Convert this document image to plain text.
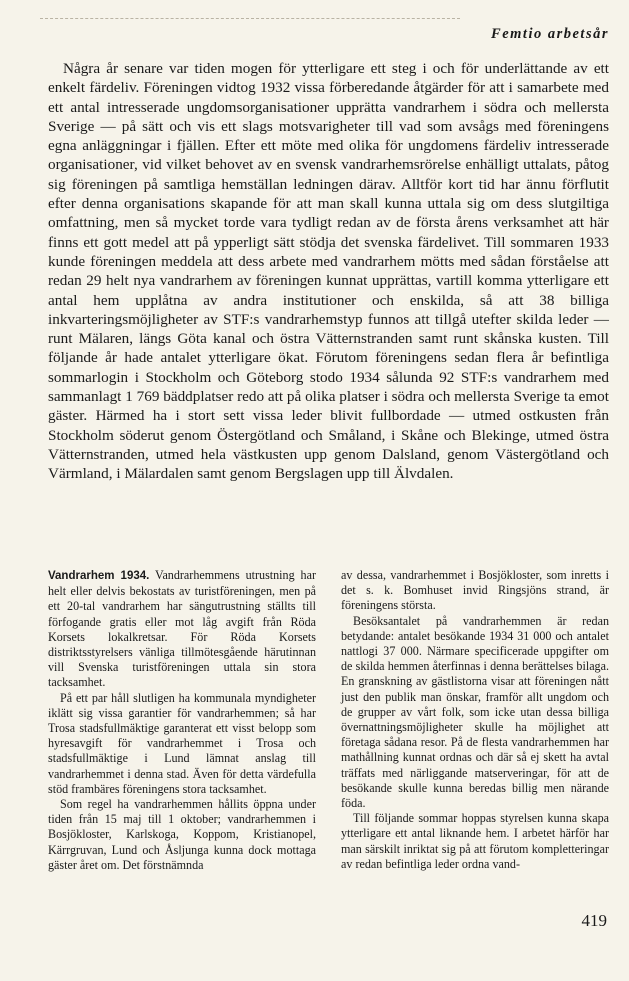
Femtio arbetsår

Några år senare var tiden mogen för ytterligare ett steg i och för underlättande av ett enkelt färdeliv. Föreningen vidtog 1932 vissa förberedande åtgärder för att i samarbete med ett antal intresserade ungdomsorganisationer upprätta vandrarhem i södra och mellersta Sverige — på sätt och vis ett slags motsvarigheter till vad som avsågs med föreningens egna anläggningar i fjällen. Efter ett möte med olika för ungdomens färdeliv intresserade organisationer, vid vilket behovet av en svensk vandrarhemsrörelse enhälligt uttalats, påtog sig föreningen på samtliga hemställan ledningen därav. Alltför kort tid har ännu förflutit efter denna organisations skapande för att man skall kunna uttala sig om dess slutgiltiga omfattning, men så mycket torde vara tydligt redan av de första årens verksamhet att här finns ett gott medel att på ypperligt sätt stödja det svenska färdelivet. Till sommaren 1933 kunde föreningen meddela att dess arbete med vandrarhem mötts med sådan förståelse att redan 29 helt nya vandrarhem av föreningen kunnat upprättas, vartill komma ytterligare ett antal hem upplåtna av andra institutioner och enskilda, så att 38 billiga inkvarteringsmöjligheter av STF:s vandrarhemstyp funnos att tillgå utefter skilda leder — runt Mälaren, längs Göta kanal och östra Vätternstranden samt runt skånska kusten. Till följande år hade antalet ytterligare ökat. Förutom föreningens sedan flera år befintliga sommarlogin i Stockholm och Göteborg stodo 1934 sålunda 92 STF:s vandrarhem med sammanlagt 1 769 bäddplatser redo att på olika platser i södra och mellersta Sverige ta emot gäster. Härmed ha i stort sett vissa leder blivit fullbordade — utmed ostkusten från Stockholm söderut genom Östergötland och Småland, i Skåne och Blekinge, utmed östra Vätternstranden, utmed hela västkusten upp genom Dalsland, genom Västergötland och Värmland, i Mälardalen samt genom Bergslagen upp till Älvdalen.

Vandrarhem 1934. Vandrarhemmens utrustning har helt eller delvis bekostats av turistföreningen, men på ett 20-tal vandrarhem har sängutrustning ställts till förfogande gratis eller mot låg avgift från Röda Korsets lokalkretsar. För Röda Korsets distriktsstyrelsers vänliga tillmötesgående härutinnan vill Svenska turistföreningen uttala sin stora tacksamhet.

På ett par håll slutligen ha kommunala myndigheter iklätt sig vissa garantier för vandrarhemmen; så har Trosa stadsfullmäktige garanterat ett visst belopp som hyresavgift för vandrarhemmet i Trosa och stadsfullmäktige i Lund lämnat anslag till vandrarhemmet i denna stad. Även för detta värdefulla stöd frambäres föreningens stora tacksamhet.

Som regel ha vandrarhemmen hållits öppna under tiden från 15 maj till 1 oktober; vandrarhemmen i Bosjökloster, Karlskoga, Koppom, Kristianopel, Kärrgruvan, Lund och Åsljunga kunna dock mottaga gäster året om. Det förstnämnda

av dessa, vandrarhemmet i Bosjökloster, som inretts i det s. k. Bomhuset invid Ringsjöns strand, är föreningens största.

Besöksantalet på vandrarhemmen är redan betydande: antalet besökande 1934 31 000 och antalet nattlogi 37 000. Närmare specificerade uppgifter om de skilda hemmen återfinnas i denna berättelses bilaga. En granskning av gästlistorna visar att föreningen nått just den publik man önskar, framför allt ungdom och de grupper av vårt folk, som icke utan dessa billiga övernattningsmöjligheter skulle ha möjlighet att företaga sådana resor. På de flesta vandrarhemmen har mathållning kunnat ordnas och där så ej skett ha avtal träffats med närliggande matserveringar, för att de besökande skulle kunna beredas billig men närande föda.

Till följande sommar hoppas styrelsen kunna skapa ytterligare ett antal liknande hem. I arbetet härför har man särskilt inriktat sig på att förutom kompletteringar av redan befintliga leder ordna vand-

419
